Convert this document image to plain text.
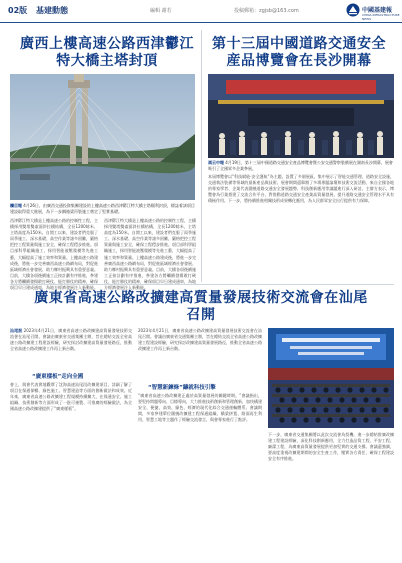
02版 基建動態	編輯 謝若	投稿郵箱：zgjsb@163.com	中國基建報
CHINA INFRASTRUCTURE NEWS
廣西上樓高速公路西津鬱江特大橋主塔封頂
欄目報 4月26日，由廣西交通投資集團建設的上樓高速公路西津鬱江特大橋主塔順利封頂，標誌着該項目建設取得重大進展，為下一步鋼箱梁吊裝施工奠定了堅實基礎。
西津鬱江特大橋是上樓高速公路的控制性工程，主橋採用雙塔雙索面斜拉橋結構，全長1200餘米，主塔高度為150米。自開工以來，建設者們克服了雨季施工、深水基礎、高空作業等諸多困難，嚴格把控工程質量與施工安全，確保工程穩步推進。項目部科學組織施工，採用智能液壓爬模等先進工藝，大幅提高了施工效率和質量。上樓高速公路建成後，將進一步完善廣西高速公路網布局，對促進區域經濟社會發展、助力鄉村振興具有重要意義。目前，大橋各項後續施工正按計劃有序推進，參建各方將繼續發揚敢打硬仗、能打勝仗的精神，確保項目早日建成通車，為地方經濟發展注入新動能。
西津鬱江特大橋是上樓高速公路的控制性工程，主橋採用雙塔雙索面斜拉橋結構，全長1200餘米，主塔高度為150米。自開工以來，建設者們克服了雨季施工、深水基礎、高空作業等諸多困難，嚴格把控工程質量與施工安全，確保工程穩步推進。項目部科學組織施工，採用智能液壓爬模等先進工藝，大幅提高了施工效率和質量。上樓高速公路建成後，將進一步完善廣西高速公路網布局，對促進區域經濟社會發展、助力鄉村振興具有重要意義。目前，大橋各項後續施工正按計劃有序推進，參建各方將繼續發揚敢打硬仗、能打勝仗的精神，確保項目早日建成通車，為地方經濟發展注入新動能。
第十三屆中國道路交通安全産品博覽會在長沙開幕
馮云中報 4月19日，第十三屆中國道路交通安全產品博覽會暨公安交通警察裝備展在湖南長沙開幕，展會吸引了全國眾多企業參展。
本屆博覽會以“科技賦能·安全護航”為主題，設置了多個展區，集中展示了智能交通管理、道路安全設施、交通執法裝備等領域的最新產品與技術。展會期間還舉辦了多場專題論壇和技術交流活動，來自全國各地的專家學者、企業代表圍繞道路交通安全發展趨勢、科技創新應用等議題進行深入研討。主辦方表示，博覽會為行業搭建了交流合作平台，對推動道路交通安全產業高質量發展、提升道路交通安全管理水平具有積極作用。下一步，將持續推進相關技術成果轉化應用，為人民群眾安全出行提供有力保障。
廣東省高速公路改擴建高質量發展技術交流會在汕尾召開
汕尾訊 2023年4月21日，廣東省高速公路改擴建高質量發展技術交流會在汕尾召開。會議由廣東省交通集團主辦，旨在總結交流全省高速公路改擴建工程建設經驗，研究探討改擴建高質量發展路徑，推動全省高速公路改擴建工作再上新台階。
“廣東樣板”走向全國
會上，與會代表實地觀摩了沈海高速汕尾段改擴建項目，詳細了解了項目在保通保暢、綠色施工、智慧建造等方面的創新做法和成效。近年來，廣東省高速公路改擴建工程規模持續擴大，在保通安全、施工組織、技術創新等方面形成了一批可複製、可推廣的經驗做法，為全國高速公路改擴建提供了“廣東樣板”。
2023年4月21日，廣東省高速公路改擴建高質量發展技術交流會在汕尾召開。會議由廣東省交通集團主辦，旨在總結交流全省高速公路改擴建工程建設經驗，研究探討改擴建高質量發展路徑，推動全省高速公路改擴建工作再上新台階。
“智慧新鍊條”鑄就科技引擎
“廣東省高速公路改擴建正處於高質量發展的關鍵時期。”會議指出，要堅持問題導向、目標導向，大力推進技術創新和管理創新，加快構建安全、便捷、高效、綠色、經濟的現代化綜合交通運輸體系。會議期間，多家參建單位圍繞改擴建工程保通組織、橋梁拼寬、路面再生利用、智慧工地等主題作了經驗交流發言，與會專家進行了點評。
下一步，廣東省交通集團將以此次交流會為契機，進一步總結推廣改擴建工程建設經驗，深化科技創新應用，全力打造品質工程、平安工程、廉潔工程，為廣東高質量發展提供更加堅實的交通支撐。會議還強調，要高度重視改擴建期間的安全生產工作，壓實各方責任，確保工程建設安全有序推進。
